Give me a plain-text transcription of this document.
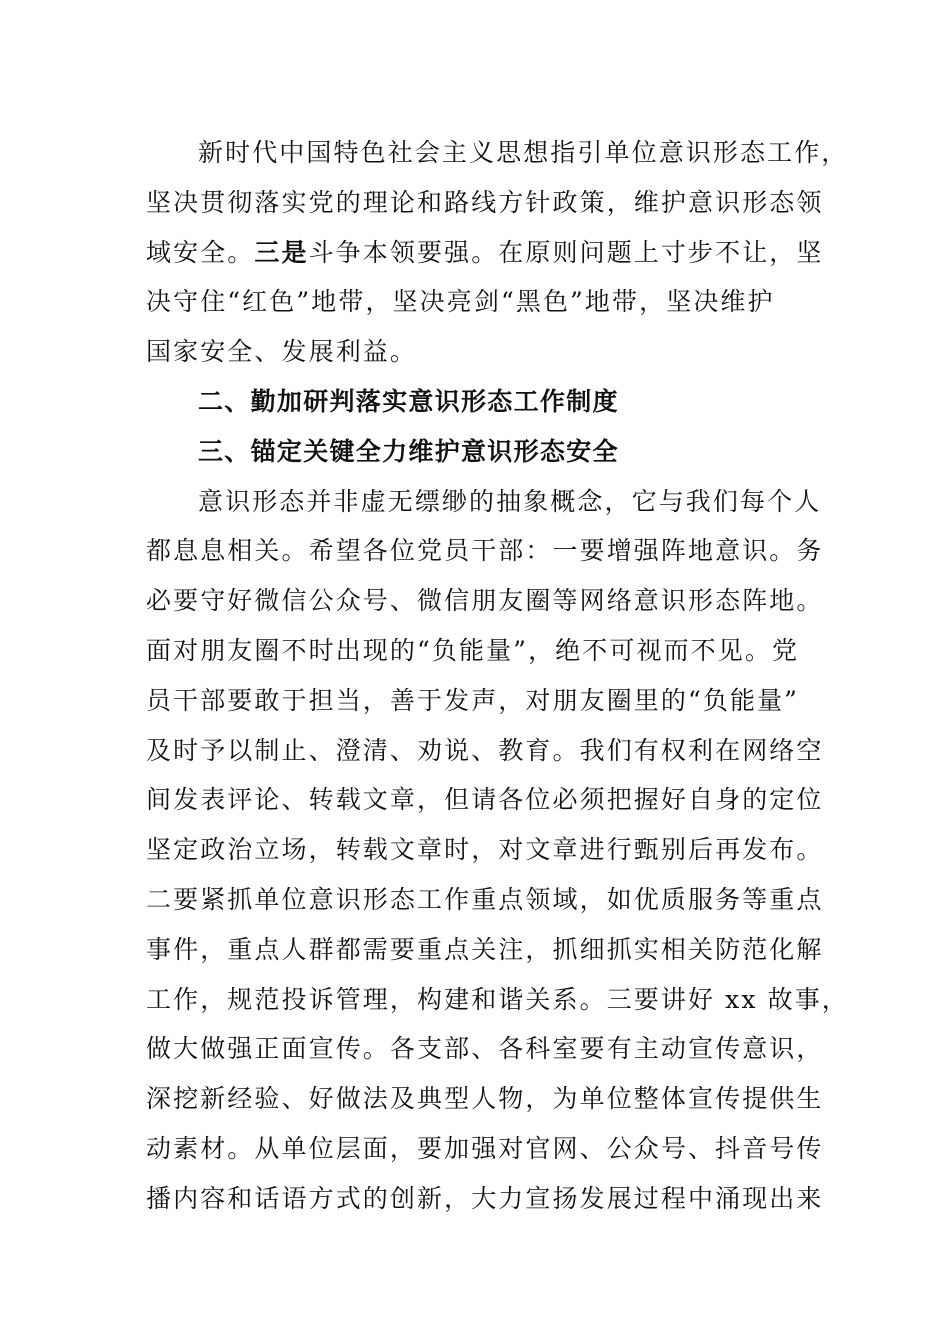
新时代中国特色社会主义思想指引单位意识形态工作，
坚决贯彻落实党的理论和路线方针政策，维护意识形态领
域安全。三是斗争本领要强。在原则问题上寸步不让，坚
决守住“红色”地带，坚决亮剑“黑色”地带，坚决维护
国家安全、发展利益。
二、勤加研判落实意识形态工作制度
三、锚定关键全力维护意识形态安全
意识形态并非虚无缥缈的抽象概念，它与我们每个人
都息息相关。希望各位党员干部：一要增强阵地意识。务
必要守好微信公众号、微信朋友圈等网络意识形态阵地。
面对朋友圈不时出现的“负能量”，绝不可视而不见。党
员干部要敢于担当，善于发声，对朋友圈里的“负能量”
及时予以制止、澄清、劝说、教育。我们有权利在网络空
间发表评论、转载文章，但请各位必须把握好自身的定位
坚定政治立场，转载文章时，对文章进行甄别后再发布。
二要紧抓单位意识形态工作重点领域，如优质服务等重点
事件，重点人群都需要重点关注，抓细抓实相关防范化解
工作，规范投诉管理，构建和谐关系。三要讲好 xx 故事，
做大做强正面宣传。各支部、各科室要有主动宣传意识，
深挖新经验、好做法及典型人物，为单位整体宣传提供生
动素材。从单位层面，要加强对官网、公众号、抖音号传
播内容和话语方式的创新，大力宣扬发展过程中涌现出来
